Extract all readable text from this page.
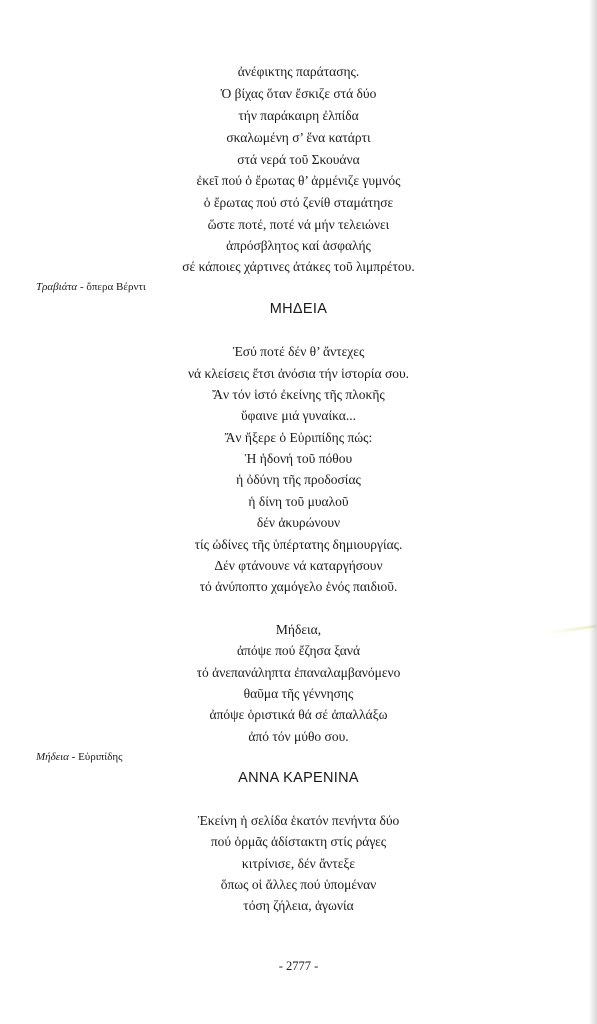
ἀνέφικτης παράτασης.
Ὁ βίχας ὅταν ἔσκιζε στά δύο
τήν παράκαιρη ἐλπίδα
σκαλωμένη σ’ ἕνα κατάρτι
στά νερά τοῦ Σκουάνα
ἐκεῖ πού ὁ ἔρωτας θ’ ἀρμένιζε γυμνός
ὁ ἔρωτας πού στό ζενίθ σταμάτησε
ὥστε ποτέ, ποτέ νά μήν τελειώνει
ἀπρόσβλητος καί ἀσφαλής
σέ κάποιες χάρτινες ἀτάκες τοῦ λιμπρέτου.
Τραβιάτα - ὄπερα Βέρντι
ΜΗΔΕΙΑ
Ἐσύ ποτέ δέν θ’ ἄντεχες
νά κλείσεις ἔτσι ἀνόσια τήν ἱστορία σου.
Ἄν τόν ἱστό ἐκείνης τῆς πλοκῆς
ὕφαινε μιά γυναίκα...
Ἄν ἤξερε ὁ Εὐριπίδης πώς:
Ἡ ἡδονή τοῦ πόθου
ἡ ὀδύνη τῆς προδοσίας
ἡ δίνη τοῦ μυαλοῦ
δέν ἀκυρώνουν
τίς ὠδίνες τῆς ὑπέρτατης δημιουργίας.
Δέν φτάνουνε νά καταργήσουν
τό ἀνύποπτο χαμόγελο ἑνός παιδιοῦ.
Μήδεια,
ἀπόψε πού ἔζησα ξανά
τό ἀνεπανάληπτα ἐπαναλαμβανόμενο
θαῦμα τῆς γέννησης
ἀπόψε ὁριστικά θά σέ ἀπαλλάξω
ἀπό τόν μύθο σου.
Μήδεια - Εὐριπίδης
ΑΝΝΑ ΚΑΡΕΝΙΝΑ
Ἐκείνη ἡ σελίδα ἑκατόν πενήντα δύο
πού ὁρμᾶς ἀδίστακτη στίς ράγες
κιτρίνισε, δέν ἄντεξε
ὅπως οἱ ἄλλες πού ὑπομέναν
τόση ζήλεια, ἀγωνία
- 2777 -
